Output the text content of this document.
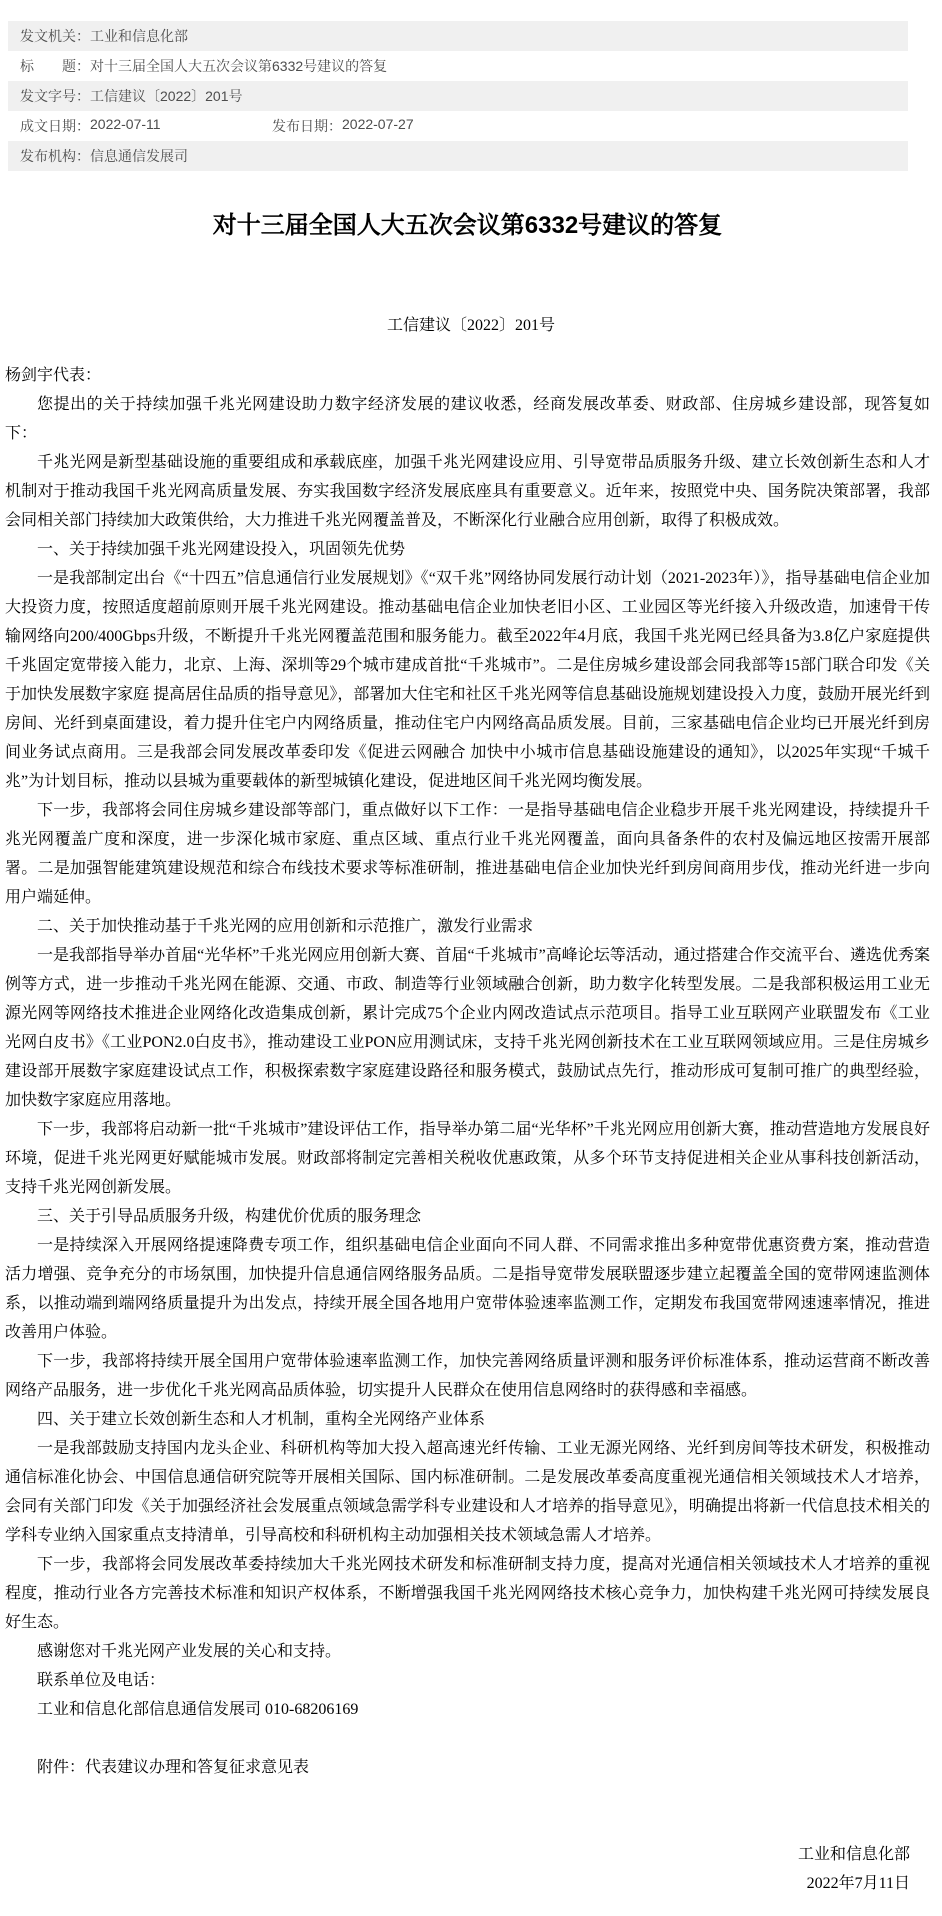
发文机关： 工业和信息化部
标　　题： 对十三届全国人大五次会议第6332号建议的答复
发文字号： 工信建议〔2022〕201号
成文日期： 2022-07-11	发布日期： 2022-07-27
发布机构： 信息通信发展司
对十三届全国人大五次会议第6332号建议的答复
工信建议〔2022〕201号

杨剑宇代表：

您提出的关于持续加强千兆光网建设助力数字经济发展的建议收悉，经商发展改革委、财政部、住房城乡建设部，现答复如下：

千兆光网是新型基础设施的重要组成和承载底座，加强千兆光网建设应用、引导宽带品质服务升级、建立长效创新生态和人才机制对于推动我国千兆光网高质量发展、夯实我国数字经济发展底座具有重要意义。近年来，按照党中央、国务院决策部署，我部会同相关部门持续加大政策供给，大力推进千兆光网覆盖普及，不断深化行业融合应用创新，取得了积极成效。

一、关于持续加强千兆光网建设投入，巩固领先优势

一是我部制定出台《“十四五”信息通信行业发展规划》《“双千兆”网络协同发展行动计划（2021-2023年）》，指导基础电信企业加大投资力度，按照适度超前原则开展千兆光网建设。推动基础电信企业加快老旧小区、工业园区等光纤接入升级改造，加速骨干传输网络向200/400Gbps升级，不断提升千兆光网覆盖范围和服务能力。截至2022年4月底，我国千兆光网已经具备为3.8亿户家庭提供千兆固定宽带接入能力，北京、上海、深圳等29个城市建成首批“千兆城市”。二是住房城乡建设部会同我部等15部门联合印发《关于加快发展数字家庭 提高居住品质的指导意见》，部署加大住宅和社区千兆光网等信息基础设施规划建设投入力度，鼓励开展光纤到房间、光纤到桌面建设，着力提升住宅户内网络质量，推动住宅户内网络高品质发展。目前，三家基础电信企业均已开展光纤到房间业务试点商用。三是我部会同发展改革委印发《促进云网融合 加快中小城市信息基础设施建设的通知》，以2025年实现“千城千兆”为计划目标，推动以县城为重要载体的新型城镇化建设，促进地区间千兆光网均衡发展。

下一步，我部将会同住房城乡建设部等部门，重点做好以下工作：一是指导基础电信企业稳步开展千兆光网建设，持续提升千兆光网覆盖广度和深度，进一步深化城市家庭、重点区域、重点行业千兆光网覆盖，面向具备条件的农村及偏远地区按需开展部署。二是加强智能建筑建设规范和综合布线技术要求等标准研制，推进基础电信企业加快光纤到房间商用步伐，推动光纤进一步向用户端延伸。

二、关于加快推动基于千兆光网的应用创新和示范推广，激发行业需求

一是我部指导举办首届“光华杯”千兆光网应用创新大赛、首届“千兆城市”高峰论坛等活动，通过搭建合作交流平台、遴选优秀案例等方式，进一步推动千兆光网在能源、交通、市政、制造等行业领域融合创新，助力数字化转型发展。二是我部积极运用工业无源光网等网络技术推进企业网络化改造集成创新，累计完成75个企业内网改造试点示范项目。指导工业互联网产业联盟发布《工业光网白皮书》《工业PON2.0白皮书》，推动建设工业PON应用测试床，支持千兆光网创新技术在工业互联网领域应用。三是住房城乡建设部开展数字家庭建设试点工作，积极探索数字家庭建设路径和服务模式，鼓励试点先行，推动形成可复制可推广的典型经验，加快数字家庭应用落地。

下一步，我部将启动新一批“千兆城市”建设评估工作，指导举办第二届“光华杯”千兆光网应用创新大赛，推动营造地方发展良好环境，促进千兆光网更好赋能城市发展。财政部将制定完善相关税收优惠政策，从多个环节支持促进相关企业从事科技创新活动，支持千兆光网创新发展。

三、关于引导品质服务升级，构建优价优质的服务理念

一是持续深入开展网络提速降费专项工作，组织基础电信企业面向不同人群、不同需求推出多种宽带优惠资费方案，推动营造活力增强、竞争充分的市场氛围，加快提升信息通信网络服务品质。二是指导宽带发展联盟逐步建立起覆盖全国的宽带网速监测体系，以推动端到端网络质量提升为出发点，持续开展全国各地用户宽带体验速率监测工作，定期发布我国宽带网速速率情况，推进改善用户体验。

下一步，我部将持续开展全国用户宽带体验速率监测工作，加快完善网络质量评测和服务评价标准体系，推动运营商不断改善网络产品服务，进一步优化千兆光网高品质体验，切实提升人民群众在使用信息网络时的获得感和幸福感。

四、关于建立长效创新生态和人才机制，重构全光网络产业体系

一是我部鼓励支持国内龙头企业、科研机构等加大投入超高速光纤传输、工业无源光网络、光纤到房间等技术研发，积极推动通信标准化协会、中国信息通信研究院等开展相关国际、国内标准研制。二是发展改革委高度重视光通信相关领域技术人才培养，会同有关部门印发《关于加强经济社会发展重点领域急需学科专业建设和人才培养的指导意见》，明确提出将新一代信息技术相关的学科专业纳入国家重点支持清单，引导高校和科研机构主动加强相关技术领域急需人才培养。

下一步，我部将会同发展改革委持续加大千兆光网技术研发和标准研制支持力度，提高对光通信相关领域技术人才培养的重视程度，推动行业各方完善技术标准和知识产权体系，不断增强我国千兆光网网络技术核心竞争力，加快构建千兆光网可持续发展良好生态。

感谢您对千兆光网产业发展的关心和支持。

联系单位及电话：

工业和信息化部信息通信发展司 010-68206169

附件：代表建议办理和答复征求意见表

工业和信息化部
2022年7月11日
